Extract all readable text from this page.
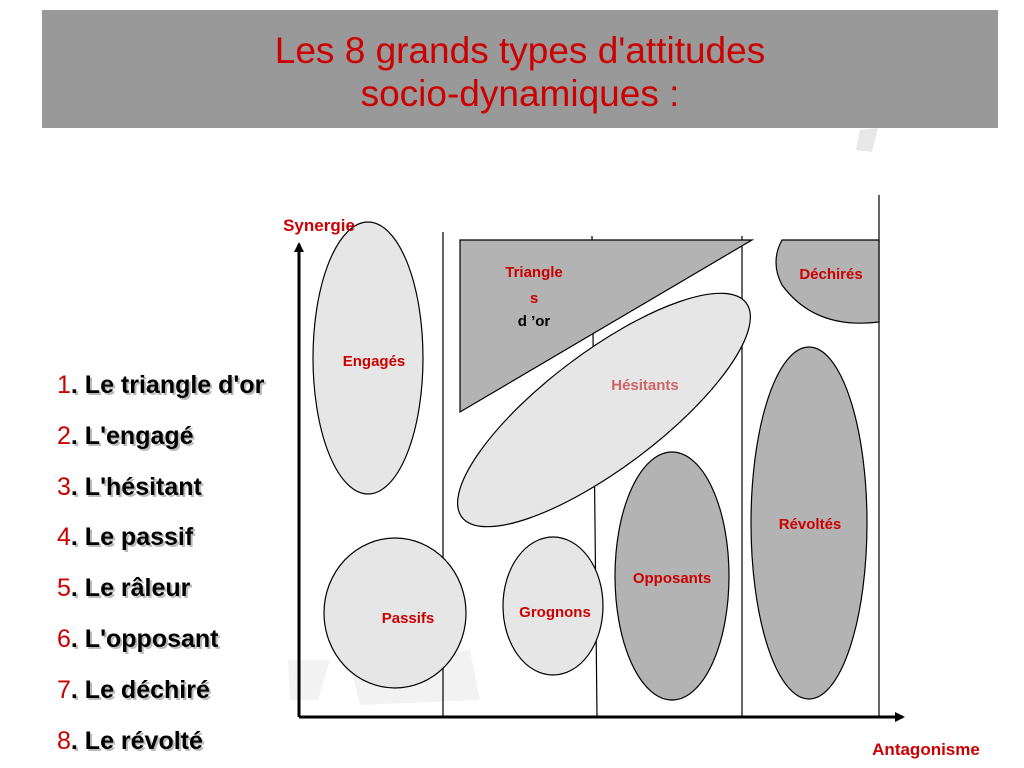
Les 8 grands types d'attitudes
socio-dynamiques :
Synergie
Antagonisme
Triangle
s
d ’or
Déchirés
Engagés
Hésitants
Révoltés
Opposants
Grognons
Passifs
1. Le triangle d'or
2. L'engagé
3. L'hésitant
4. Le passif
5. Le râleur
6. L'opposant
7. Le déchiré
8. Le révolté
